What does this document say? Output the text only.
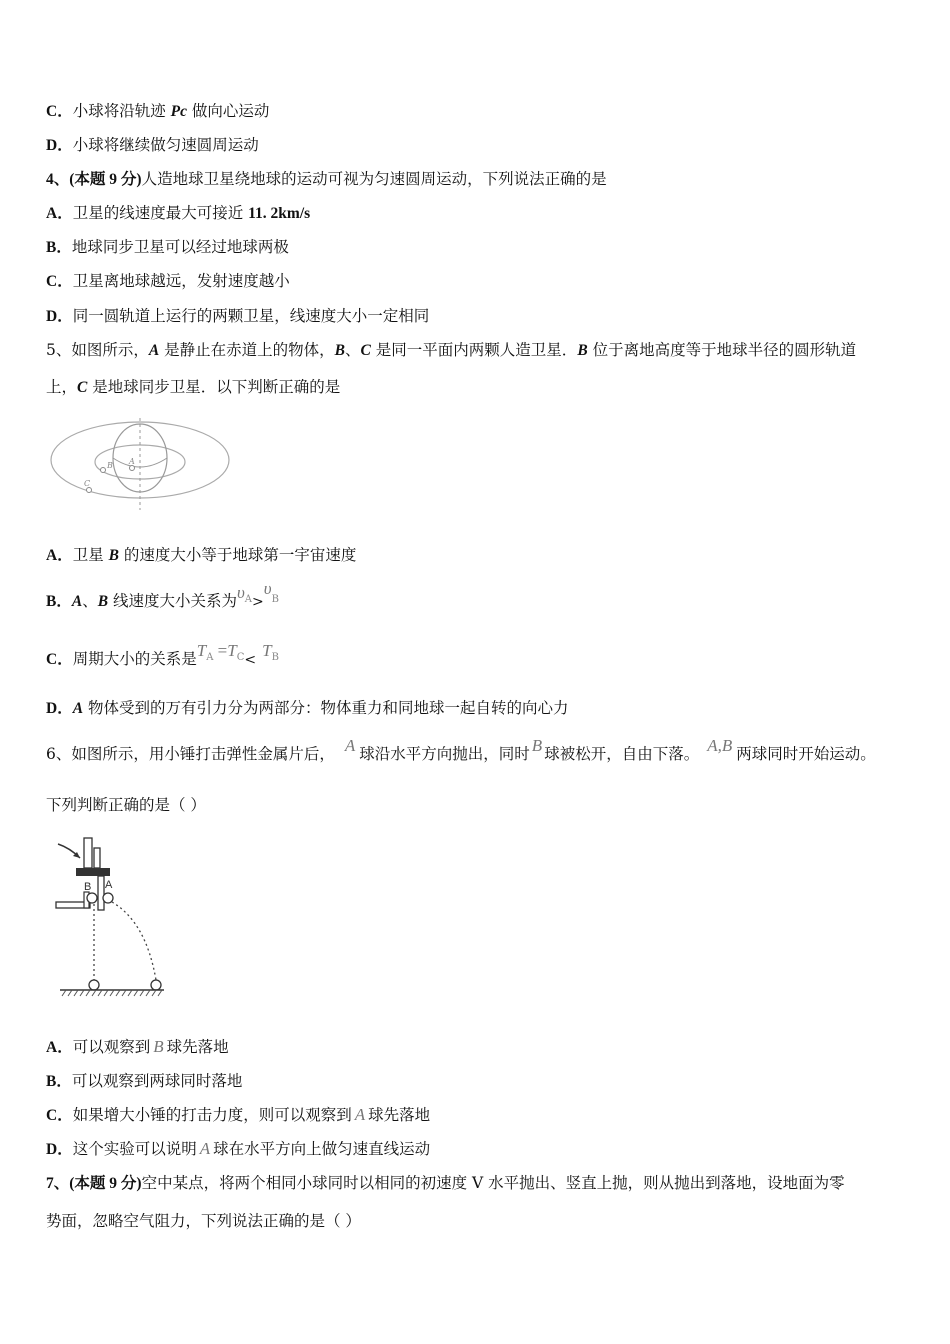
C．小球将沿轨迹 Pc 做向心运动
D．小球将继续做匀速圆周运动
4、(本题 9 分)人造地球卫星绕地球的运动可视为匀速圆周运动，下列说法正确的是
A．卫星的线速度最大可接近 11. 2km/s
B．地球同步卫星可以经过地球两极
C．卫星离地球越远，发射速度越小
D．同一圆轨道上运行的两颗卫星，线速度大小一定相同
5、如图所示，A 是静止在赤道上的物体，B、C 是同一平面内两颗人造卫星．B 位于离地高度等于地球半径的圆形轨道
上，C 是地球同步卫星．以下判断正确的是
A
B
C
A．卫星 B 的速度大小等于地球第一宇宙速度
B．A、B 线速度大小关系为$\upsilon_A>\upsilon_B$
C．周期大小的关系是$T_A =T_C< T_B$
D．A 物体受到的万有引力分为两部分：物体重力和同地球一起自转的向心力
6、如图所示，用小锤打击弹性金属片后， A 球沿水平方向抛出，同时 B 球被松开，自由下落。 A,B 两球同时开始运动。
下列判断正确的是（ ）
B A
A．可以观察到 B 球先落地
B．可以观察到两球同时落地
C．如果增大小锤的打击力度，则可以观察到 A 球先落地
D．这个实验可以说明 A 球在水平方向上做匀速直线运动
7、(本题 9 分)空中某点，将两个相同小球同时以相同的初速度 V 水平抛出、竖直上抛，则从抛出到落地，设地面为零
势面，忽略空气阻力，下列说法正确的是（ ）
